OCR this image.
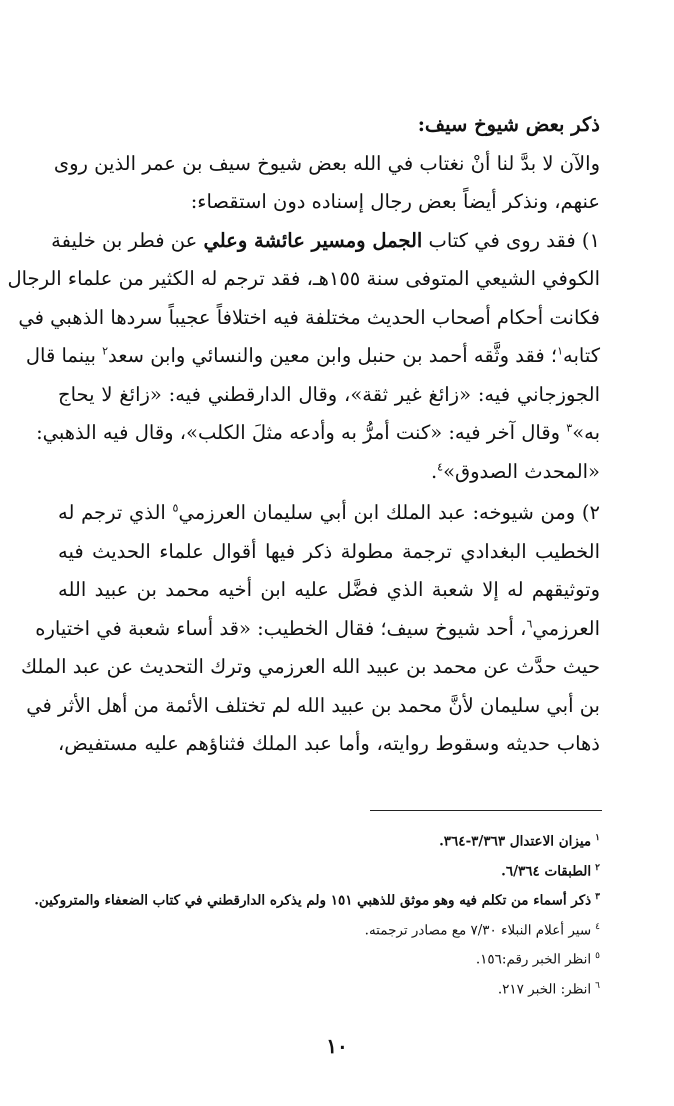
ذكر بعض شيوخ سيف:
والآن لا بدَّ لنا أنْ نغتاب في الله بعض شيوخ سيف بن عمر الذين روى
عنهم، ونذكر أيضاً بعض رجال إسناده دون استقصاء:
١) فقد روى في كتاب الجمل ومسير عائشة وعلي عن فطر بن خليفة
الكوفي الشيعي المتوفى سنة ١٥٥هـ، فقد ترجم له الكثير من علماء الرجال
فكانت أحكام أصحاب الحديث مختلفة فيه اختلافاً عجيباً سردها الذهبي في
كتابه$^١$؛ فقد وثَّقه أحمد بن حنبل وابن معين والنسائي وابن سعد$^٢$ بينما قال
الجوزجاني فيه: «زائغ غير ثقة»، وقال الدارقطني فيه: «زائغ لا يحاج
به»$^٣$ وقال آخر فيه: «كنت أمرُّ به وأدعه مثلَ الكلب»، وقال فيه الذهبي:
«المحدث الصدوق»$^٤$.
٢) ومن شيوخه: عبد الملك ابن أبي سليمان العرزمي$^٥$ الذي ترجم له
الخطيب البغدادي ترجمة مطولة ذكر فيها أقوال علماء الحديث فيه
وتوثيقهم له إلا شعبة الذي فضَّل عليه ابن أخيه محمد بن عبيد الله
العرزمي$^٦$، أحد شيوخ سيف؛ فقال الخطيب: «قد أساء شعبة في اختياره
حيث حدَّث عن محمد بن عبيد الله العرزمي وترك التحديث عن عبد الملك
بن أبي سليمان لأنَّ محمد بن عبيد الله لم تختلف الأئمة من أهل الأثر في
ذهاب حديثه وسقوط روايته، وأما عبد الملك فثناؤهم عليه مستفيض،
$^١$ميزان الاعتدال ٣/٣٦٣-٣٦٤.
$^٢$الطبقات ٦/٣٦٤.
$^٣$ذكر أسماء من تكلم فيه وهو موثق للذهبي ١٥١ ولم يذكره الدارقطني في كتاب الضعفاء والمتروكين.
$^٤$سير أعلام النبلاء ٧/٣٠ مع مصادر ترجمته.
$^٥$انظر الخبر رقم:١٥٦.
$^٦$انظر: الخبر ٢١٧.
١٠
